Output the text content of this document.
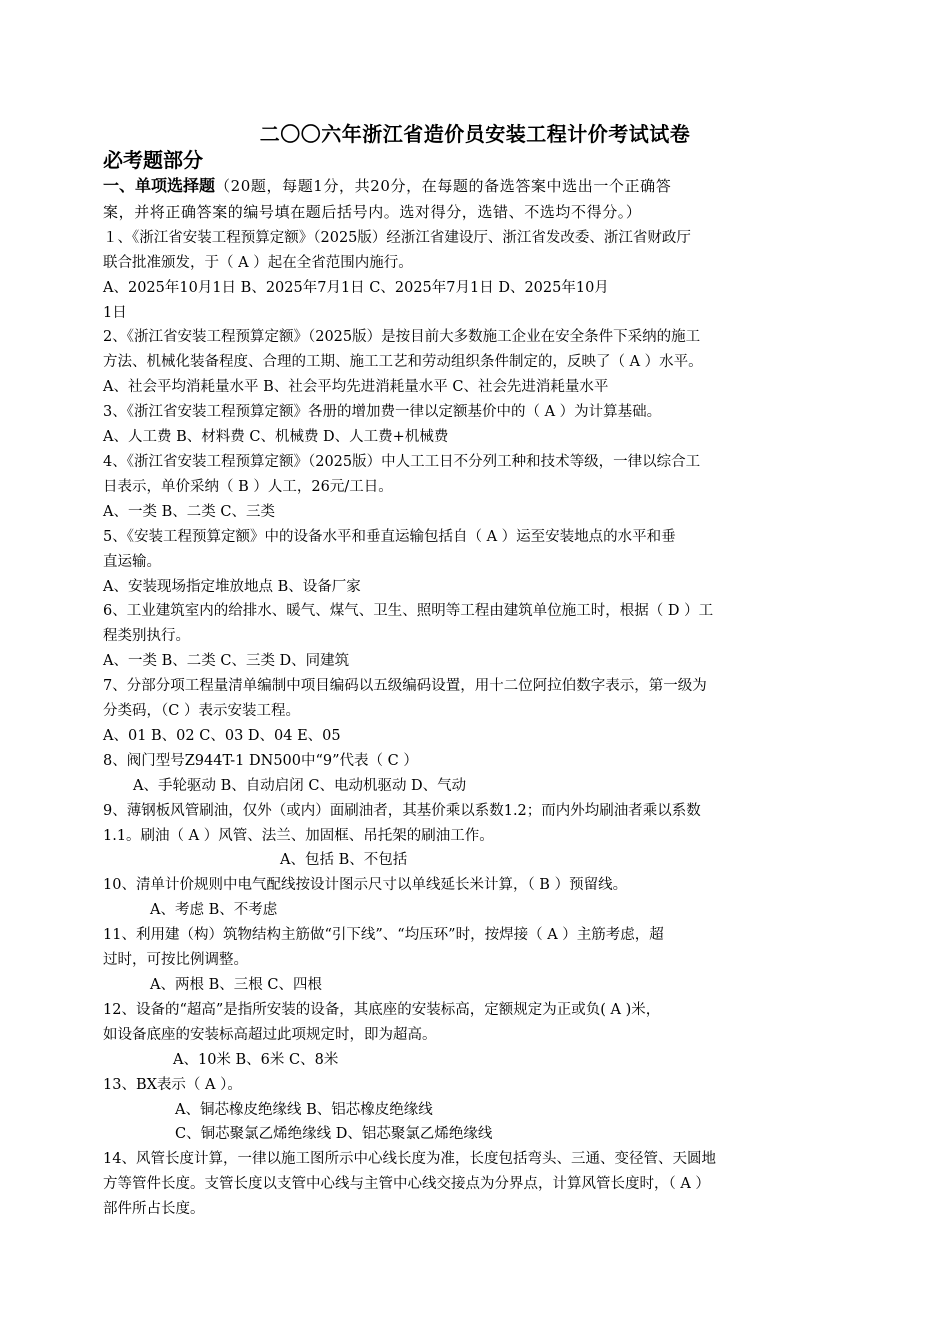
二〇〇六年浙江省造价员安装工程计价考试试卷
必考题部分

一、单项选择题（20题，每题1分，共20分，在每题的备选答案中选出一个正确答

案，并将正确答案的编号填在题后括号内。选对得分，选错、不选均不得分。）

１、《浙江省安装工程预算定额》（2025版）经浙江省建设厅、浙江省发改委、浙江省财政厅

联合批准颁发，于（ A ）起在全省范围内施行。

A、2025年10月1日 B、2025年7月1日 C、2025年7月1日 D、2025年10月

1日

2、《浙江省安装工程预算定额》（2025版）是按目前大多数施工企业在安全条件下采纳的施工

方法、机械化装备程度、合理的工期、施工工艺和劳动组织条件制定的，反映了（ A ）水平。

A、社会平均消耗量水平 B、社会平均先进消耗量水平 C、社会先进消耗量水平

3、《浙江省安装工程预算定额》各册的增加费一律以定额基价中的（ A ）为计算基础。

A、人工费 B、材料费 C、机械费 D、人工费+机械费

4、《浙江省安装工程预算定额》（2025版）中人工工日不分列工种和技术等级，一律以综合工

日表示，单价采纳（ B ）人工，26元/工日。

A、一类 B、二类 C、三类

5、《安装工程预算定额》中的设备水平和垂直运输包括自（ A ）运至安装地点的水平和垂

直运输。

A、安装现场指定堆放地点 B、设备厂家

6、工业建筑室内的给排水、暖气、煤气、卫生、照明等工程由建筑单位施工时，根据（ D ）工

程类别执行。

A、一类 B、二类 C、三类 D、同建筑

7、分部分项工程量清单编制中项目编码以五级编码设置，用十二位阿拉伯数字表示，第一级为

分类码，（C ）表示安装工程。

A、01 B、02 C、03 D、04 E、05

8、阀门型号Z944T-1 DN500中“9”代表（ C ）

A、手轮驱动 B、自动启闭 C、电动机驱动 D、气动

9、薄钢板风管刷油，仅外（或内）面刷油者，其基价乘以系数1.2；而内外均刷油者乘以系数

1.1。刷油（ A ）风管、法兰、加固框、吊托架的刷油工作。

A、包括 B、不包括

10、清单计价规则中电气配线按设计图示尺寸以单线延长米计算，（ B ）预留线。

A、考虑 B、不考虑

11、利用建（构）筑物结构主筋做“引下线”、“均压环”时，按焊接（ A ）主筋考虑，超

过时，可按比例调整。

A、两根 B、三根 C、四根

12、设备的“超高”是指所安装的设备，其底座的安装标高，定额规定为正或负( A )米，

如设备底座的安装标高超过此项规定时，即为超高。

A、10米 B、6米 C、8米

13、BX表示（ A ）。

A、铜芯橡皮绝缘线 B、铝芯橡皮绝缘线

C、铜芯聚氯乙烯绝缘线 D、铝芯聚氯乙烯绝缘线

14、风管长度计算，一律以施工图所示中心线长度为准，长度包括弯头、三通、变径管、天圆地

方等管件长度。支管长度以支管中心线与主管中心线交接点为分界点，计算风管长度时，（ A ）

部件所占长度。
